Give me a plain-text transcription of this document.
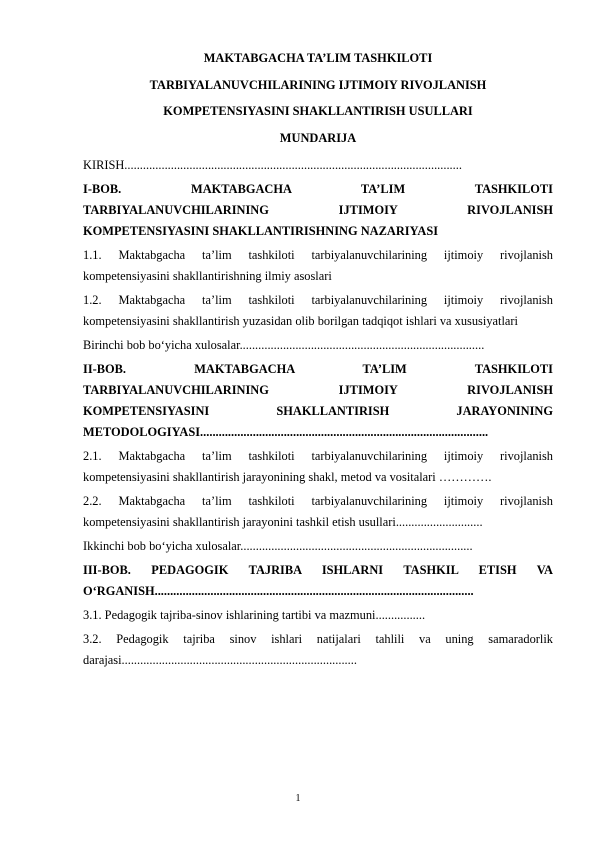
MAKTABGACHA TA’LIM TASHKILOTI
TARBIYALANUVCHILARINING IJTIMOIY RIVOJLANISH
KOMPETENSIYASINI SHAKLLANTIRISH USULLARI
MUNDARIJA
KIRISH.............................................................................................................
I-BOB. MAKTABGACHA TA’LIM TASHKILOTI
TARBIYALANUVCHILARINING IJTIMOIY RIVOJLANISH
KOMPETENSIYASINI SHAKLLANTIRISHNING NAZARIYASI
1.1. Maktabgacha ta’lim tashkiloti tarbiyalanuvchilarining ijtimoiy rivojlanish kompetensiyasini shakllantirishning ilmiy asoslari
1.2. Maktabgacha ta’lim tashkiloti tarbiyalanuvchilarining ijtimoiy rivojlanish kompetensiyasini shakllantirish yuzasidan olib borilgan tadqiqot ishlari va xususiyatlari
Birinchi bob bo‘yicha xulosalar...............................................................................
II-BOB. MAKTABGACHA TA’LIM TASHKILOTI
TARBIYALANUVCHILARINING IJTIMOIY RIVOJLANISH
KOMPETENSIYASINI SHAKLLANTIRISH JARAYONINING
METODOLOGIYASI.............................................................................................
2.1. Maktabgacha ta’lim tashkiloti tarbiyalanuvchilarining ijtimoiy rivojlanish kompetensiyasini shakllantirish jarayonining shakl, metod va vositalari ………….
2.2. Maktabgacha ta’lim tashkiloti tarbiyalanuvchilarining ijtimoiy rivojlanish kompetensiyasini shakllantirish jarayonini tashkil etish usullari............................
Ikkinchi bob bo‘yicha xulosalar...........................................................................
III-BOB. PEDAGOGIK TAJRIBA ISHLARNI TASHKIL ETISH VA
O‘RGANISH.......................................................................................................
3.1. Pedagogik tajriba-sinov ishlarining tartibi va mazmuni................
3.2. Pedagogik tajriba sinov ishlari natijalari tahlili va uning samaradorlik darajasi............................................................................
1
